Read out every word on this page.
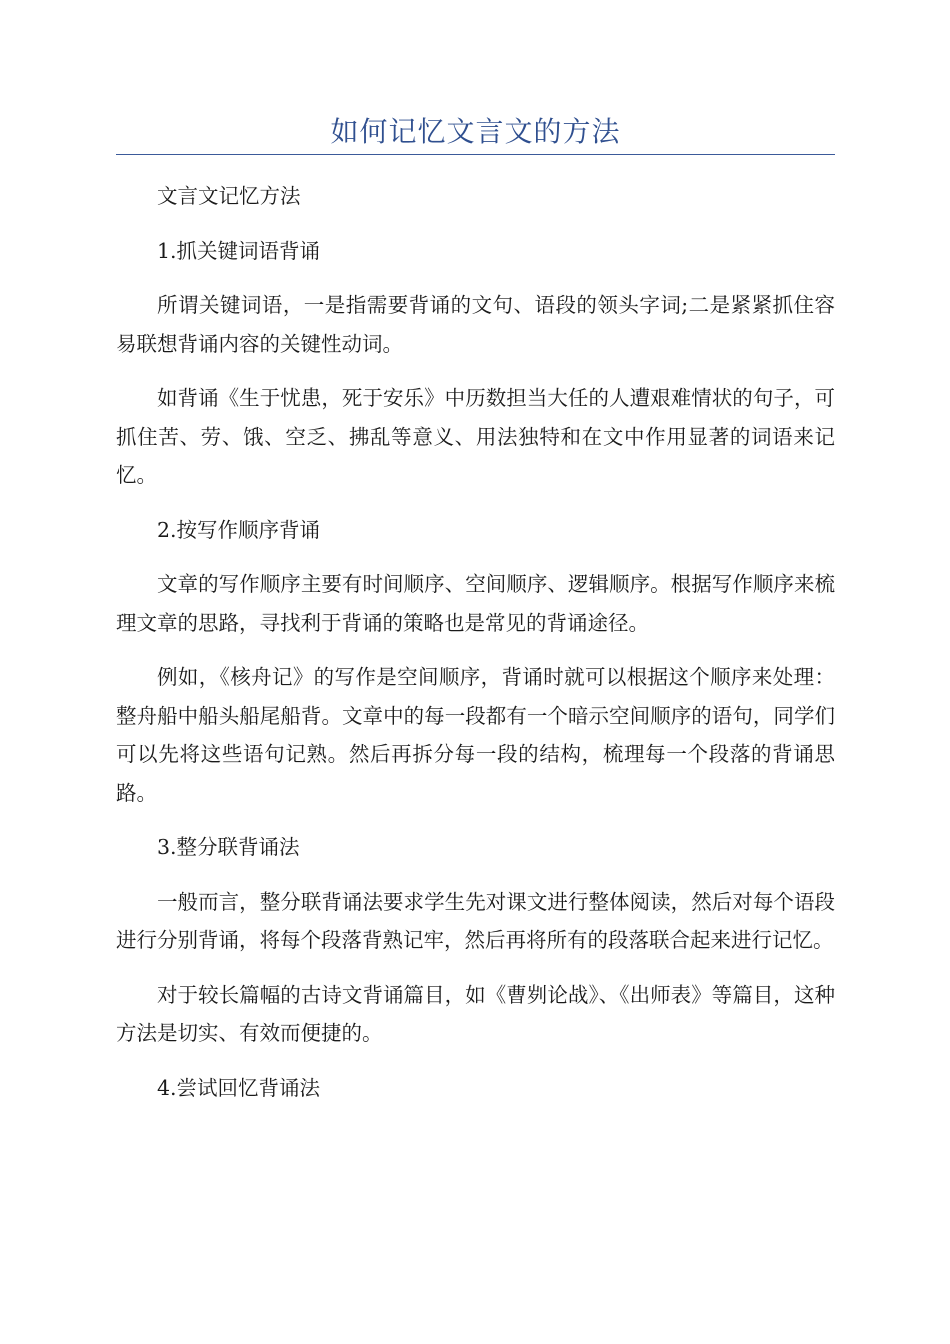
如何记忆文言文的方法

文言文记忆方法

1.抓关键词语背诵

所谓关键词语，一是指需要背诵的文句、语段的领头字词;二是紧紧抓住容易联想背诵内容的关键性动词。

如背诵《生于忧患，死于安乐》中历数担当大任的人遭艰难情状的句子，可抓住苦、劳、饿、空乏、拂乱等意义、用法独特和在文中作用显著的词语来记忆。

2.按写作顺序背诵

文章的写作顺序主要有时间顺序、空间顺序、逻辑顺序。根据写作顺序来梳理文章的思路，寻找利于背诵的策略也是常见的背诵途径。

例如，《核舟记》的写作是空间顺序，背诵时就可以根据这个顺序来处理：整舟船中船头船尾船背。文章中的每一段都有一个暗示空间顺序的语句，同学们可以先将这些语句记熟。然后再拆分每一段的结构，梳理每一个段落的背诵思路。

3.整分联背诵法

一般而言，整分联背诵法要求学生先对课文进行整体阅读，然后对每个语段进行分别背诵，将每个段落背熟记牢，然后再将所有的段落联合起来进行记忆。

对于较长篇幅的古诗文背诵篇目，如《曹刿论战》、《出师表》等篇目，这种方法是切实、有效而便捷的。

4.尝试回忆背诵法
